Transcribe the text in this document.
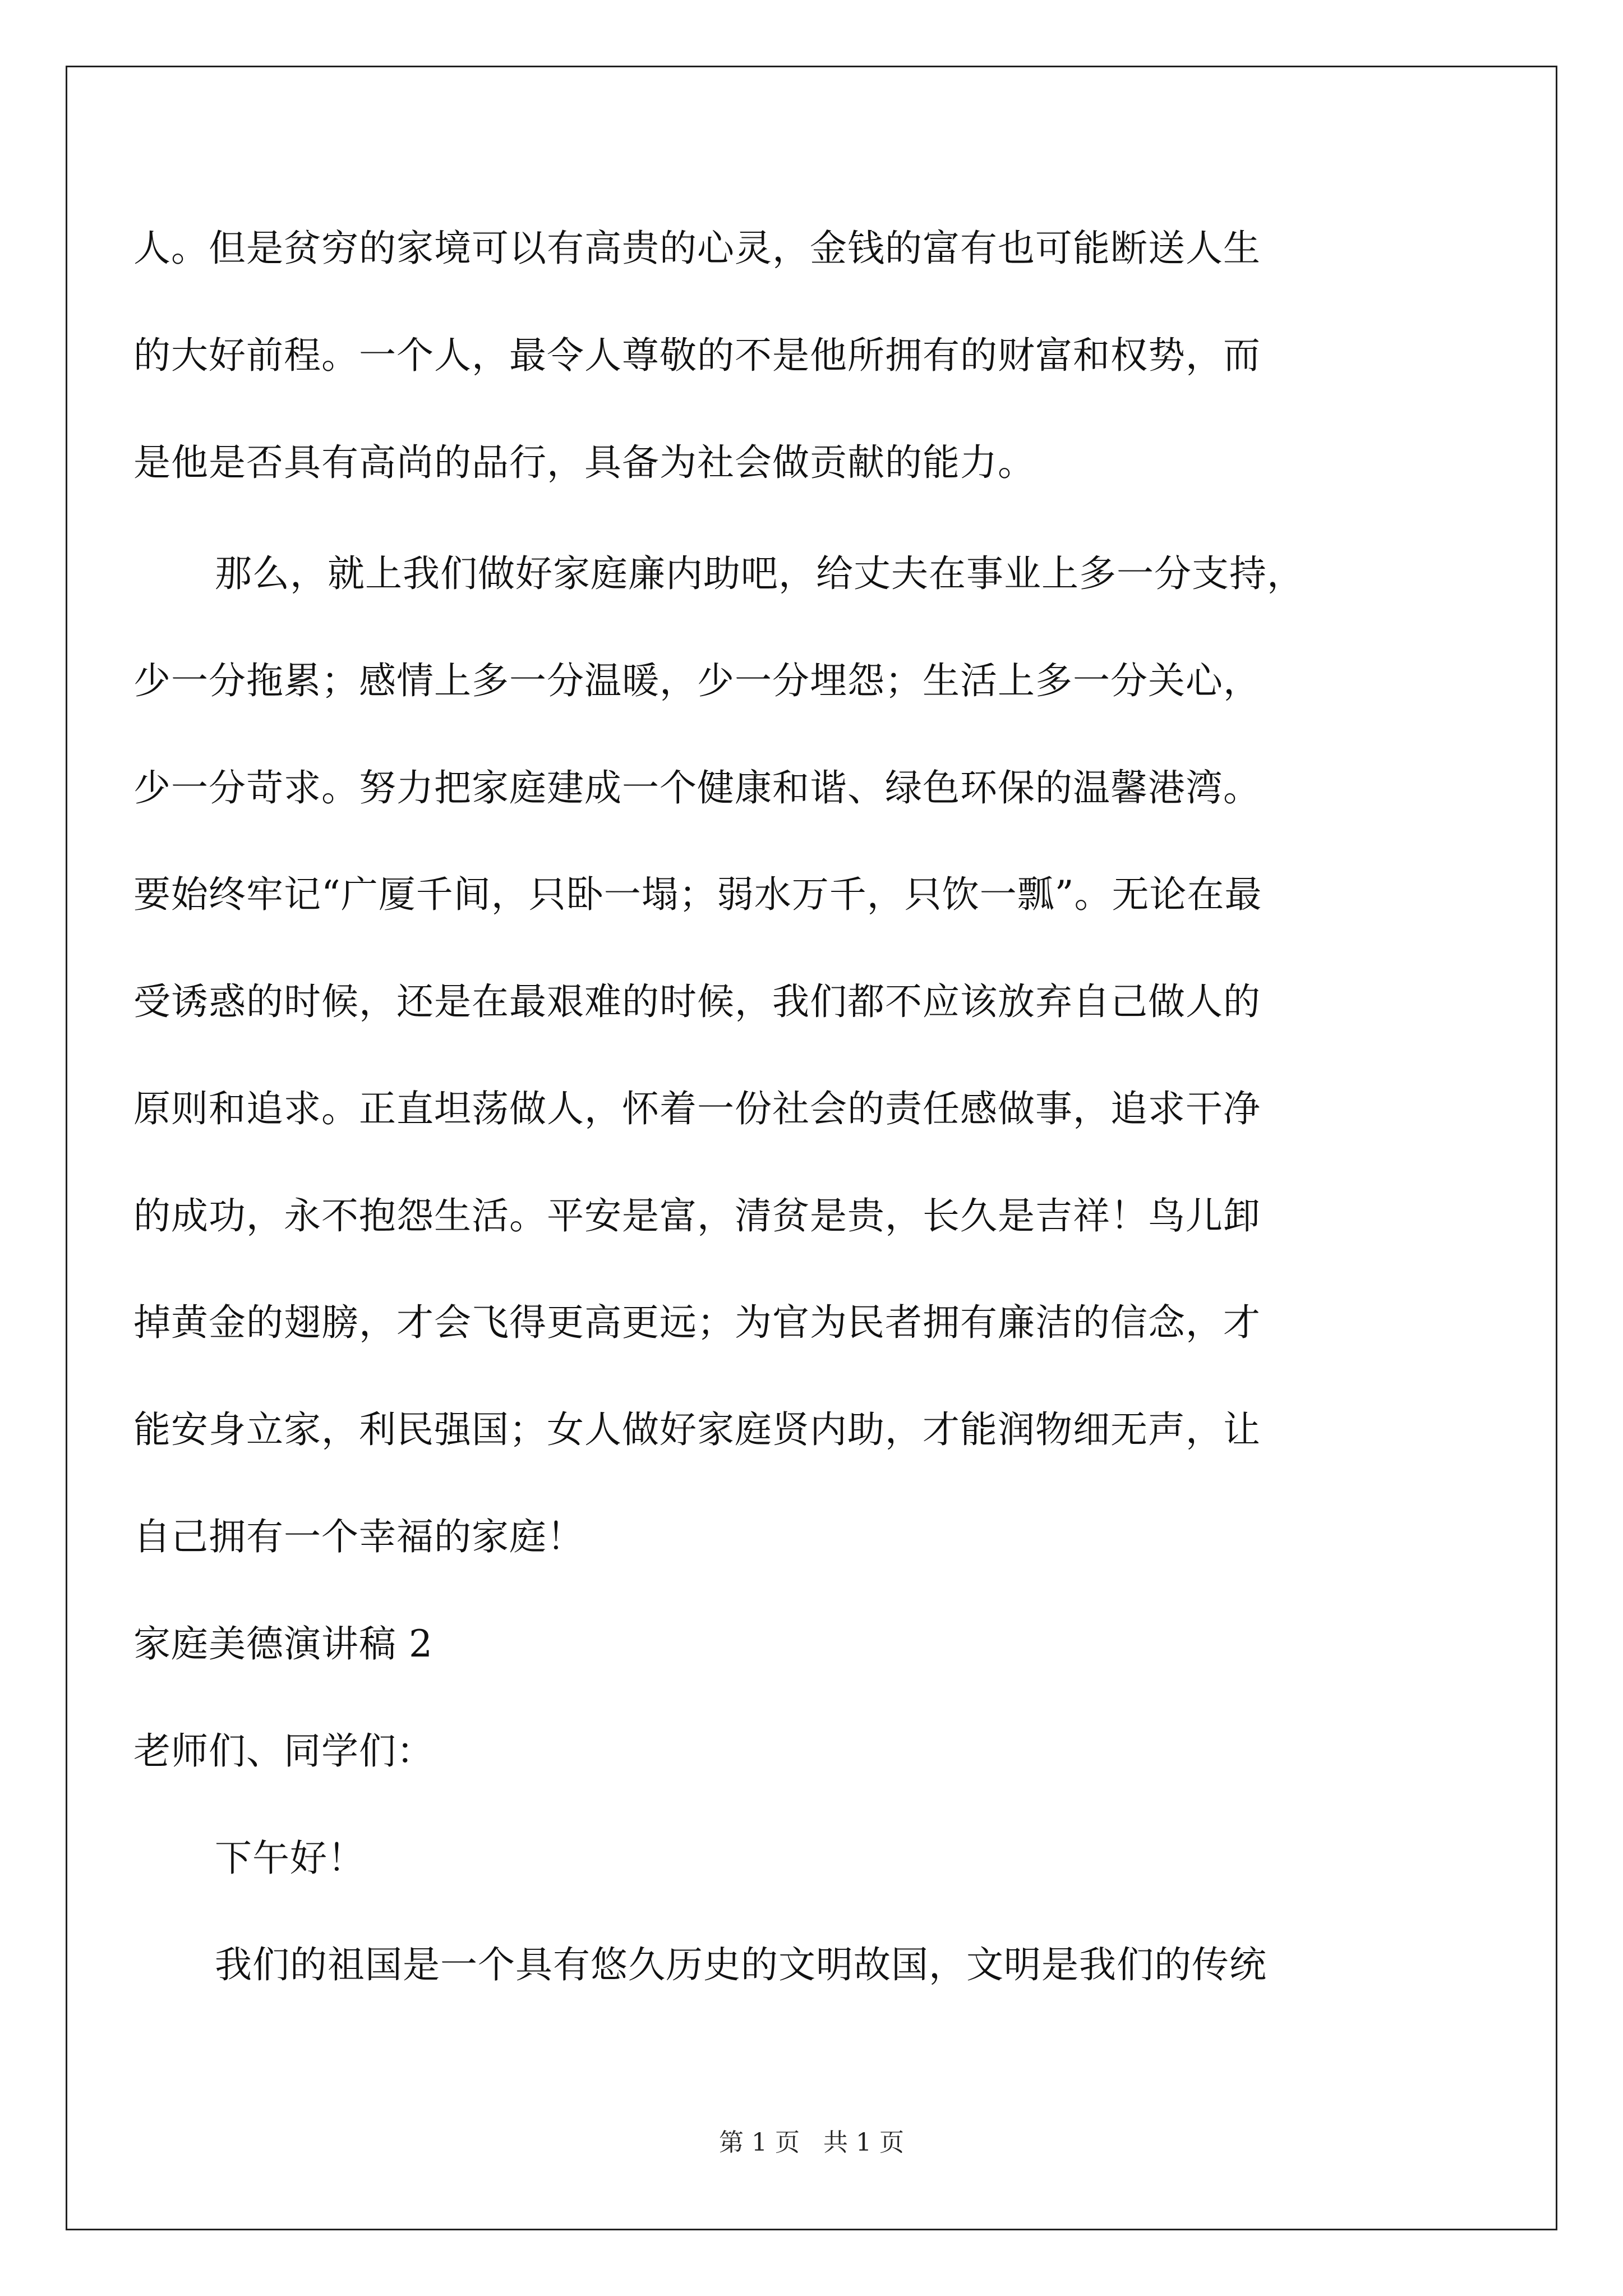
人。但是贫穷的家境可以有高贵的心灵，金钱的富有也可能断送人生
的大好前程。一个人，最令人尊敬的不是他所拥有的财富和权势，而
是他是否具有高尚的品行，具备为社会做贡献的能力。
那么，就上我们做好家庭廉内助吧，给丈夫在事业上多一分支持，
少一分拖累；感情上多一分温暖，少一分埋怨；生活上多一分关心，
少一分苛求。努力把家庭建成一个健康和谐、绿色环保的温馨港湾。
要始终牢记“广厦千间，只卧一塌；弱水万千，只饮一瓢”。无论在最
受诱惑的时候，还是在最艰难的时候，我们都不应该放弃自己做人的
原则和追求。正直坦荡做人，怀着一份社会的责任感做事，追求干净
的成功，永不抱怨生活。平安是富，清贫是贵，长久是吉祥！鸟儿卸
掉黄金的翅膀，才会飞得更高更远；为官为民者拥有廉洁的信念，才
能安身立家，利民强国；女人做好家庭贤内助，才能润物细无声，让
自己拥有一个幸福的家庭！
家庭美德演讲稿 2
老师们、同学们：
下午好！
我们的祖国是一个具有悠久历史的文明故国，文明是我们的传统
第 1 页 共 1 页
